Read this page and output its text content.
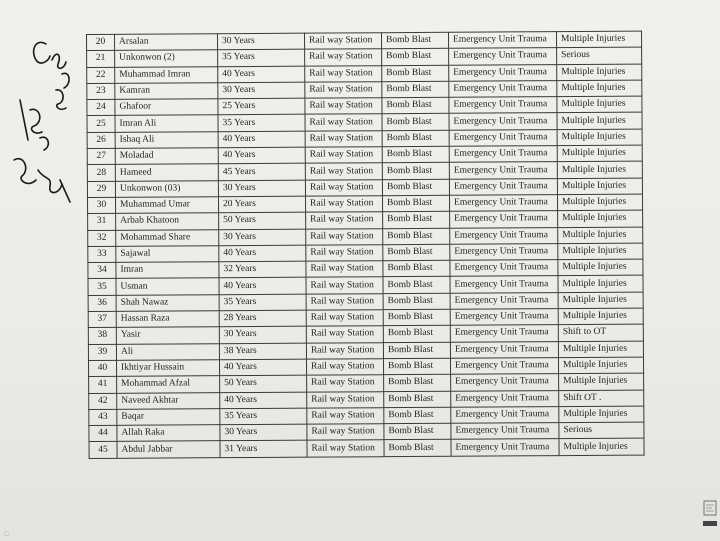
20	Arsalan	30 Years	Rail way Station	Bomb Blast	Emergency Unit Trauma	Multiple Injuries
21	Unkonwon (2)	35 Years	Rail way Station	Bomb Blast	Emergency Unit Trauma	Serious
22	Muhammad Imran	40 Years	Rail way Station	Bomb Blast	Emergency Unit Trauma	Multiple Injuries
23	Kamran	30 Years	Rail way Station	Bomb Blast	Emergency Unit Trauma	Multiple Injuries
24	Ghafoor	25 Years	Rail way Station	Bomb Blast	Emergency Unit Trauma	Multiple Injuries
25	Imran Ali	35 Years	Rail way Station	Bomb Blast	Emergency Unit Trauma	Multiple Injuries
26	Ishaq Ali	40 Years	Rail way Station	Bomb Blast	Emergency Unit Trauma	Multiple Injuries
27	Moladad	40 Years	Rail way Station	Bomb Blast	Emergency Unit Trauma	Multiple Injuries
28	Hameed	45 Years	Rail way Station	Bomb Blast	Emergency Unit Trauma	Multiple Injuries
29	Unkonwon (03)	30 Years	Rail way Station	Bomb Blast	Emergency Unit Trauma	Multiple Injuries
30	Muhammad Umar	20 Years	Rail way Station	Bomb Blast	Emergency Unit Trauma	Multiple Injuries
31	Arbab Khatoon	50 Years	Rail way Station	Bomb Blast	Emergency Unit Trauma	Multiple Injuries
32	Mohammad Share	30 Years	Rail way Station	Bomb Blast	Emergency Unit Trauma	Multiple Injuries
33	Sajawal	40 Years	Rail way Station	Bomb Blast	Emergency Unit Trauma	Multiple Injuries
34	Imran	32 Years	Rail way Station	Bomb Blast	Emergency Unit Trauma	Multiple Injuries
35	Usman	40 Years	Rail way Station	Bomb Blast	Emergency Unit Trauma	Multiple Injuries
36	Shah Nawaz	35 Years	Rail way Station	Bomb Blast	Emergency Unit Trauma	Multiple Injuries
37	Hassan Raza	28 Years	Rail way Station	Bomb Blast	Emergency Unit Trauma	Multiple Injuries
38	Yasir	30 Years	Rail way Station	Bomb Blast	Emergency Unit Trauma	Shift to OT
39	Ali	38 Years	Rail way Station	Bomb Blast	Emergency Unit Trauma	Multiple Injuries
40	Ikhtiyar Hussain	40 Years	Rail way Station	Bomb Blast	Emergency Unit Trauma	Multiple Injuries
41	Mohammad Afzal	50 Years	Rail way Station	Bomb Blast	Emergency Unit Trauma	Multiple Injuries
42	Naveed Akhtar	40 Years	Rail way Station	Bomb Blast	Emergency Unit Trauma	Shift OT .
43	Baqar	35 Years	Rail way Station	Bomb Blast	Emergency Unit Trauma	Multiple Injuries
44	Allah Raka	30 Years	Rail way Station	Bomb Blast	Emergency Unit Trauma	Serious
45	Abdul Jabbar	31 Years	Rail way Station	Bomb Blast	Emergency Unit Trauma	Multiple Injuries
▢
